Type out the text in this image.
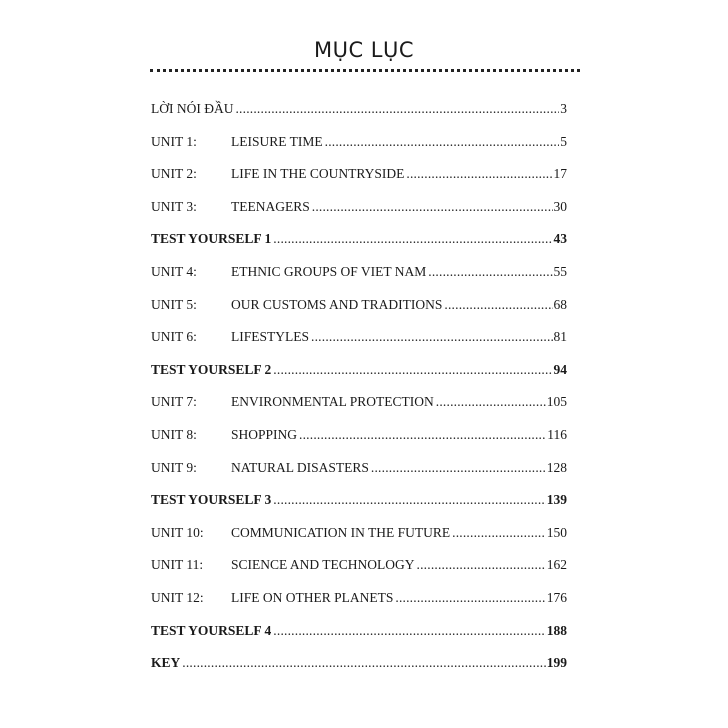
MỤC LỤC
LỜI NÓI ĐẦU .....	3
UNIT 1:	LEISURE TIME .....	5
UNIT 2:	LIFE IN THE COUNTRYSIDE .....	17
UNIT 3:	TEENAGERS .....	30
TEST YOURSELF 1 .....	43
UNIT 4:	ETHNIC GROUPS OF VIET NAM .....	55
UNIT 5:	OUR CUSTOMS AND TRADITIONS .....	68
UNIT 6:	LIFESTYLES .....	81
TEST YOURSELF 2 .....	94
UNIT 7:	ENVIRONMENTAL PROTECTION .....	105
UNIT 8:	SHOPPING .....	116
UNIT 9:	NATURAL DISASTERS .....	128
TEST YOURSELF 3 .....	139
UNIT 10:	COMMUNICATION IN THE FUTURE .....	150
UNIT 11:	SCIENCE AND TECHNOLOGY .....	162
UNIT 12:	LIFE ON OTHER PLANETS .....	176
TEST YOURSELF 4 .....	188
KEY .....	199
